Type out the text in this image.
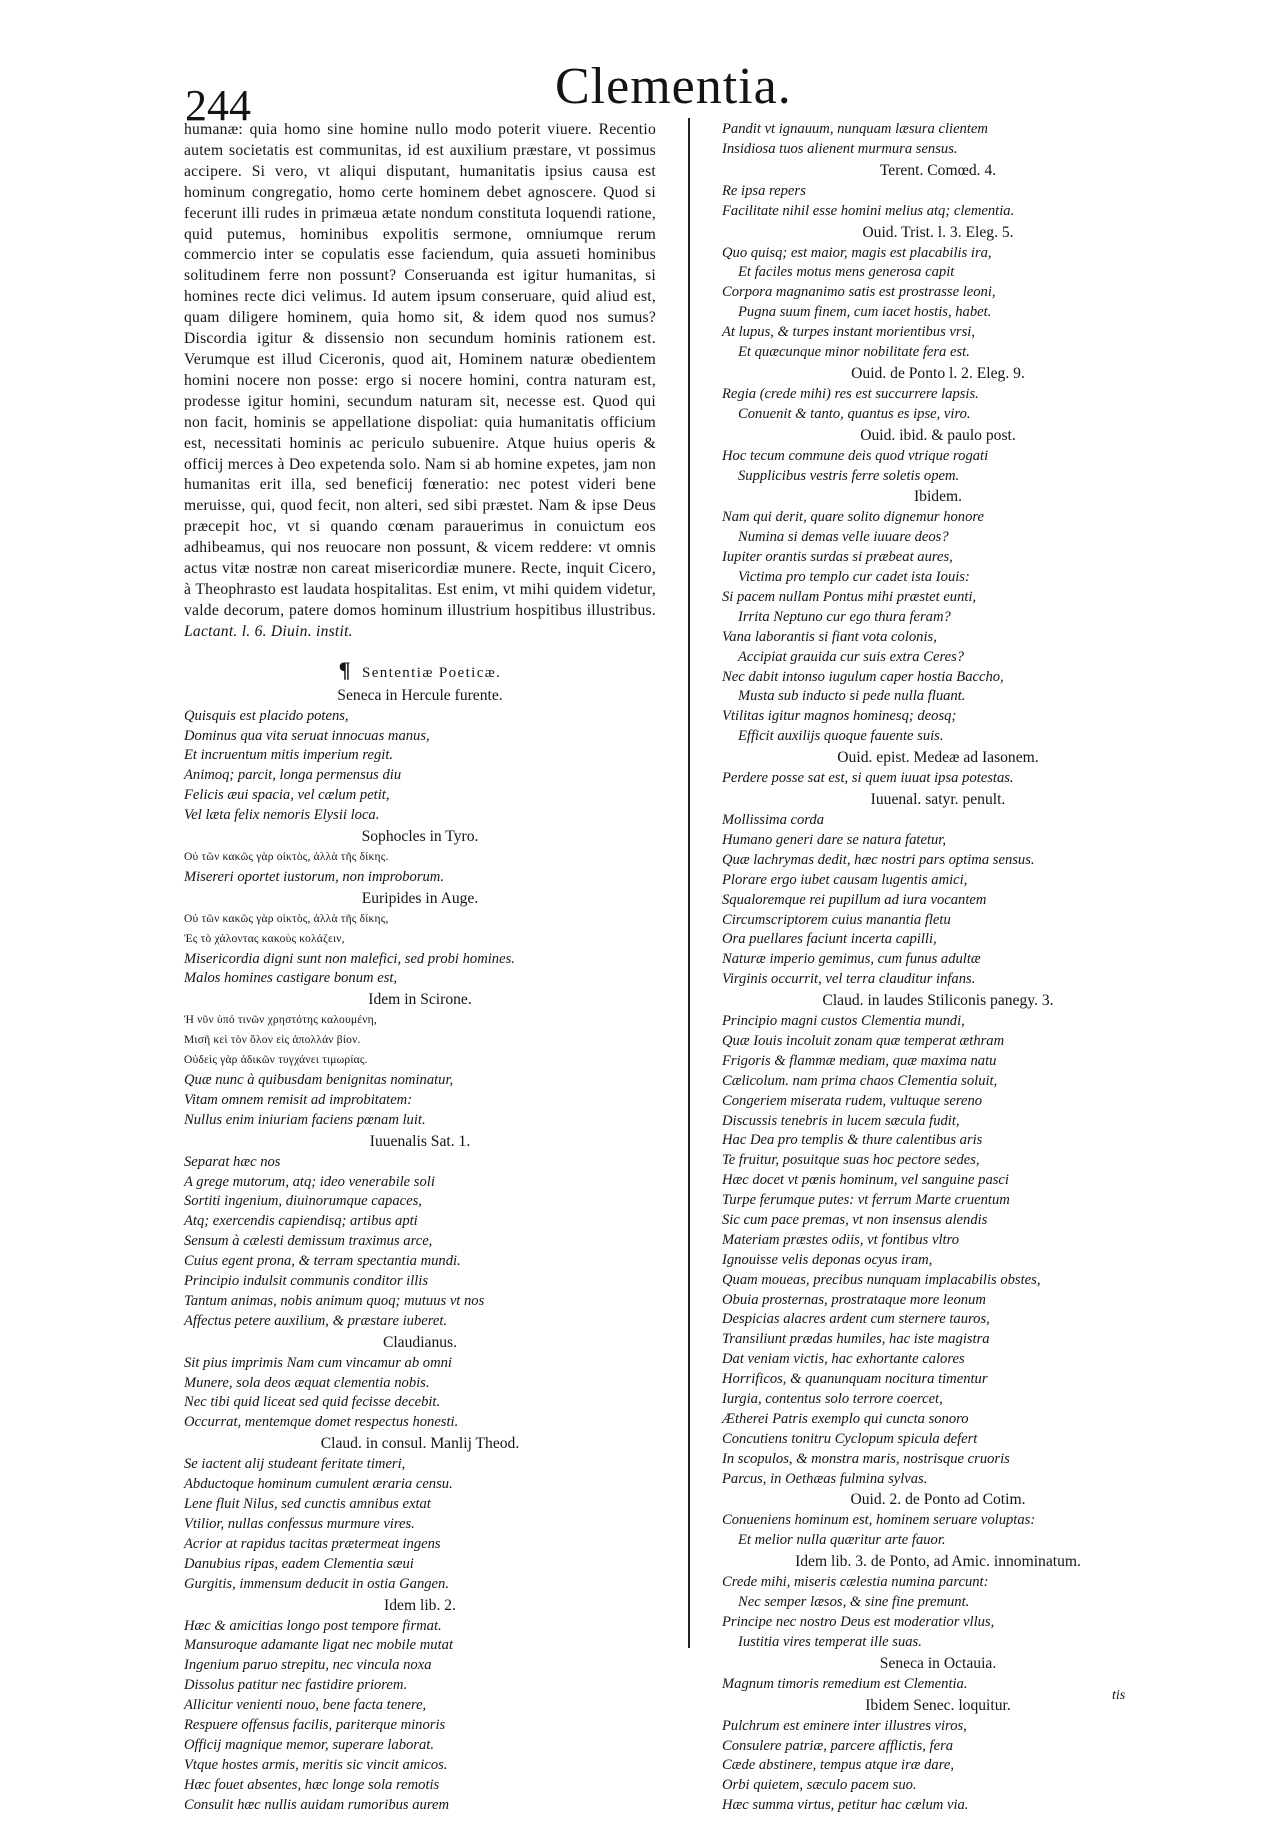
244	Clementia.

humanæ: quia homo sine homine nullo modo poterit viuere. Recentio autem societatis est communitas, id est auxilium præstare, vt possimus accipere. Si vero, vt aliqui disputant, humanitatis ipsius causa est hominum congregatio, homo certe hominem debet agnoscere. Quod si fecerunt illi rudes in primæua ætate nondum constituta loquendi ratione, quid putemus, hominibus expolitis sermone, omniumque rerum commercio inter se copulatis esse faciendum, quia assueti hominibus solitudinem ferre non possunt? Conseruanda est igitur humanitas, si homines recte dici velimus. Id autem ipsum conseruare, quid aliud est, quam diligere hominem, quia homo sit, & idem quod nos sumus? Discordia igitur & dissensio non secundum hominis rationem est. Verumque est illud Ciceronis, quod ait, Hominem naturæ obedientem homini nocere non posse: ergo si nocere homini, contra naturam est, prodesse igitur homini, secundum naturam sit, necesse est. Quod qui non facit, hominis se appellatione dispoliat: quia humanitatis officium est, necessitati hominis ac periculo subuenire. Atque huius operis & officij merces à Deo expetenda solo. Nam si ab homine expetes, jam non humanitas erit illa, sed beneficij fœneratio: nec potest videri bene meruisse, qui, quod fecit, non alteri, sed sibi præstet. Nam & ipse Deus præcepit hoc, vt si quando cœnam parauerimus in conuictum eos adhibeamus, qui nos reuocare non possunt, & vicem reddere: vt omnis actus vitæ nostræ non careat misericordiæ munere. Recte, inquit Cicero, à Theophrasto est laudata hospitalitas. Est enim, vt mihi quidem videtur, valde decorum, patere domos hominum illustrium hospitibus illustribus. Lactant. l. 6. Diuin. instit.

¶ Sententiæ Poeticæ.
Seneca in Hercule furente.
Quisquis est placido potens,
Dominus qua vita seruat innocuas manus,
Et incruentum mitis imperium regit.
Animoq; parcit, longa permensus diu
Felicis æui spacia, vel cælum petit,
Vel læta felix nemoris Elysii loca.
Sophocles in Tyro.
Οὐ τῶν κακῶς γὰρ οἰκτὸς, ἀλλὰ τῆς δίκης.
Misereri oportet iustorum, non improborum.
Euripides in Auge.
Οὐ τῶν κακῶς γὰρ οἰκτὸς, ἀλλὰ τῆς δίκης,
Ἐς τὸ χάλοντας κακοὺς κολάζειν,
Misericordia digni sunt non malefici, sed probi homines.
Malos homines castigare bonum est,
Idem in Scirone.
Ἡ νῦν ὑπό τινῶν χρηστότης καλουμένη,
Μισῆ κεὶ τὸν ὅλον εἰς ἀπολλάν βίον.
Οὐδεὶς γὰρ ἀδικῶν τυγχάνει τιμωρίας.
Quæ nunc à quibusdam benignitas nominatur,
Vitam omnem remisit ad improbitatem:
Nullus enim iniuriam faciens pœnam luit.
Iuuenalis Sat. 1.
Separat hæc nos
A grege mutorum, atq; ideo venerabile soli
Sortiti ingenium, diuinorumque capaces,
Atq; exercendis capiendisq; artibus apti
Sensum à cælesti demissum traximus arce,
Cuius egent prona, & terram spectantia mundi.
Principio indulsit communis conditor illis
Tantum animas, nobis animum quoq; mutuus vt nos
Affectus petere auxilium, & præstare iuberet.
Claudianus.
Sit pius imprimis Nam cum vincamur ab omni
Munere, sola deos æquat clementia nobis.
Nec tibi quid liceat sed quid fecisse decebit.
Occurrat, mentemque domet respectus honesti.
Claud. in consul. Manlij Theod.
Se iactent alij studeant feritate timeri,
Abductoque hominum cumulent æraria censu.
Lene fluit Nilus, sed cunctis amnibus extat
Vtilior, nullas confessus murmure vires.
Acrior at rapidus tacitas prætermeat ingens
Danubius ripas, eadem Clementia sæui
Gurgitis, immensum deducit in ostia Gangen.
Idem lib. 2.
Hæc & amicitias longo post tempore firmat.
Mansuroque adamante ligat nec mobile mutat
Ingenium paruo strepitu, nec vincula noxa
Dissolus patitur nec fastidire priorem.
Allicitur venienti nouo, bene facta tenere,
Respuere offensus facilis, pariterque minoris
Officij magnique memor, superare laborat.
Vtque hostes armis, meritis sic vincit amicos.
Hæc fouet absentes, hæc longe sola remotis
Consulit hæc nullis auidam rumoribus aurem
Pandit vt ignauum, nunquam læsura clientem
Insidiosa tuos alienent murmura sensus.
Terent. Comœd. 4.
Re ipsa repers
Facilitate nihil esse homini melius atq; clementia.
Ouid. Trist. l. 3. Eleg. 5.
Quo quisq; est maior, magis est placabilis ira,
Et faciles motus mens generosa capit
Corpora magnanimo satis est prostrasse leoni,
Pugna suum finem, cum iacet hostis, habet.
At lupus, & turpes instant morientibus vrsi,
Et quæcunque minor nobilitate fera est.
Ouid. de Ponto l. 2. Eleg. 9.
Regia (crede mihi) res est succurrere lapsis.
Conuenit & tanto, quantus es ipse, viro.
Ouid. ibid. & paulo post.
Hoc tecum commune deis quod vtrique rogati
Supplicibus vestris ferre soletis opem.
Ibidem.
Nam qui derit, quare solito dignemur honore
Numina si demas velle iuuare deos?
Iupiter orantis surdas si præbeat aures,
Victima pro templo cur cadet ista Iouis:
Si pacem nullam Pontus mihi præstet eunti,
Irrita Neptuno cur ego thura feram?
Vana laborantis si fiant vota colonis,
Accipiat grauida cur suis extra Ceres?
Nec dabit intonso iugulum caper hostia Baccho,
Musta sub inducto si pede nulla fluant.
Vtilitas igitur magnos hominesq; deosq;
Efficit auxilijs quoque fauente suis.
Ouid. epist. Medeæ ad Iasonem.
Perdere posse sat est, si quem iuuat ipsa potestas.
Iuuenal. satyr. penult.
Mollissima corda
Humano generi dare se natura fatetur,
Quæ lachrymas dedit, hæc nostri pars optima sensus.
Plorare ergo iubet causam lugentis amici,
Squaloremque rei pupillum ad iura vocantem
Circumscriptorem cuius manantia fletu
Ora puellares faciunt incerta capilli,
Naturæ imperio gemimus, cum funus adultæ
Virginis occurrit, vel terra clauditur infans.
Claud. in laudes Stiliconis panegy. 3.
Principio magni custos Clementia mundi,
Quæ Iouis incoluit zonam quæ temperat æthram
Frigoris & flammæ mediam, quæ maxima natu
Cælicolum. nam prima chaos Clementia soluit,
Congeriem miserata rudem, vultuque sereno
Discussis tenebris in lucem sæcula fudit,
Hac Dea pro templis & thure calentibus aris
Te fruitur, posuitque suas hoc pectore sedes,
Hæc docet vt pœnis hominum, vel sanguine pasci
Turpe ferumque putes: vt ferrum Marte cruentum
Sic cum pace premas, vt non insensus alendis
Materiam præstes odiis, vt fontibus vltro
Ignouisse velis deponas ocyus iram,
Quam moueas, precibus nunquam implacabilis obstes,
Obuia prosternas, prostrataque more leonum
Despicias alacres ardent cum sternere tauros,
Transiliunt prædas humiles, hac iste magistra
Dat veniam victis, hac exhortante calores
Horrificos, & quanunquam nocitura timentur
Iurgia, contentus solo terrore coercet,
Ætherei Patris exemplo qui cuncta sonoro
Concutiens tonitru Cyclopum spicula defert
In scopulos, & monstra maris, nostrisque cruoris
Parcus, in Oethæas fulmina sylvas.
Ouid. 2. de Ponto ad Cotim.
Conueniens hominum est, hominem seruare voluptas:
Et melior nulla quæritur arte fauor.
Idem lib. 3. de Ponto, ad Amic. innominatum.
Crede mihi, miseris cælestia numina parcunt:
Nec semper læsos, & sine fine premunt.
Principe nec nostro Deus est moderatior vllus,
Iustitia vires temperat ille suas.
Seneca in Octauia.
Magnum timoris remedium est Clementia.
Ibidem Senec. loquitur.
Pulchrum est eminere inter illustres viros,
Consulere patriæ, parcere afflictis, fera
Cæde abstinere, tempus atque iræ dare,
Orbi quietem, sæculo pacem suo.
Hæc summa virtus, petitur hac cælum via.
tis
